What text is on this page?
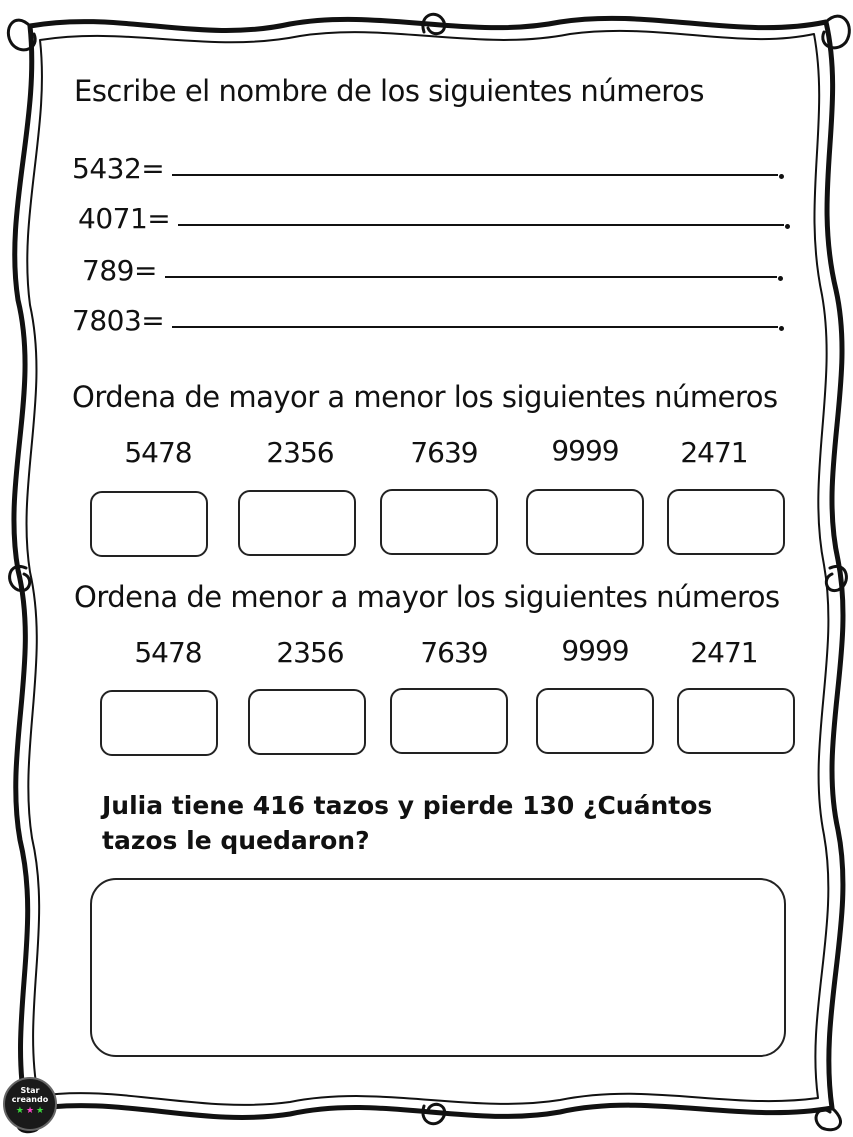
Escribe el nombre de los siguientes números
5432=
4071=
789=
7803=
Ordena de mayor a menor los siguientes números
5478	2356	7639	9999	2471
Ordena de menor a mayor los siguientes números
5478	2356	7639	9999	2471
Julia tiene 416 tazos y pierde 130 ¿Cuántos tazos le quedaron?
Star
creando
★ ★ ★
